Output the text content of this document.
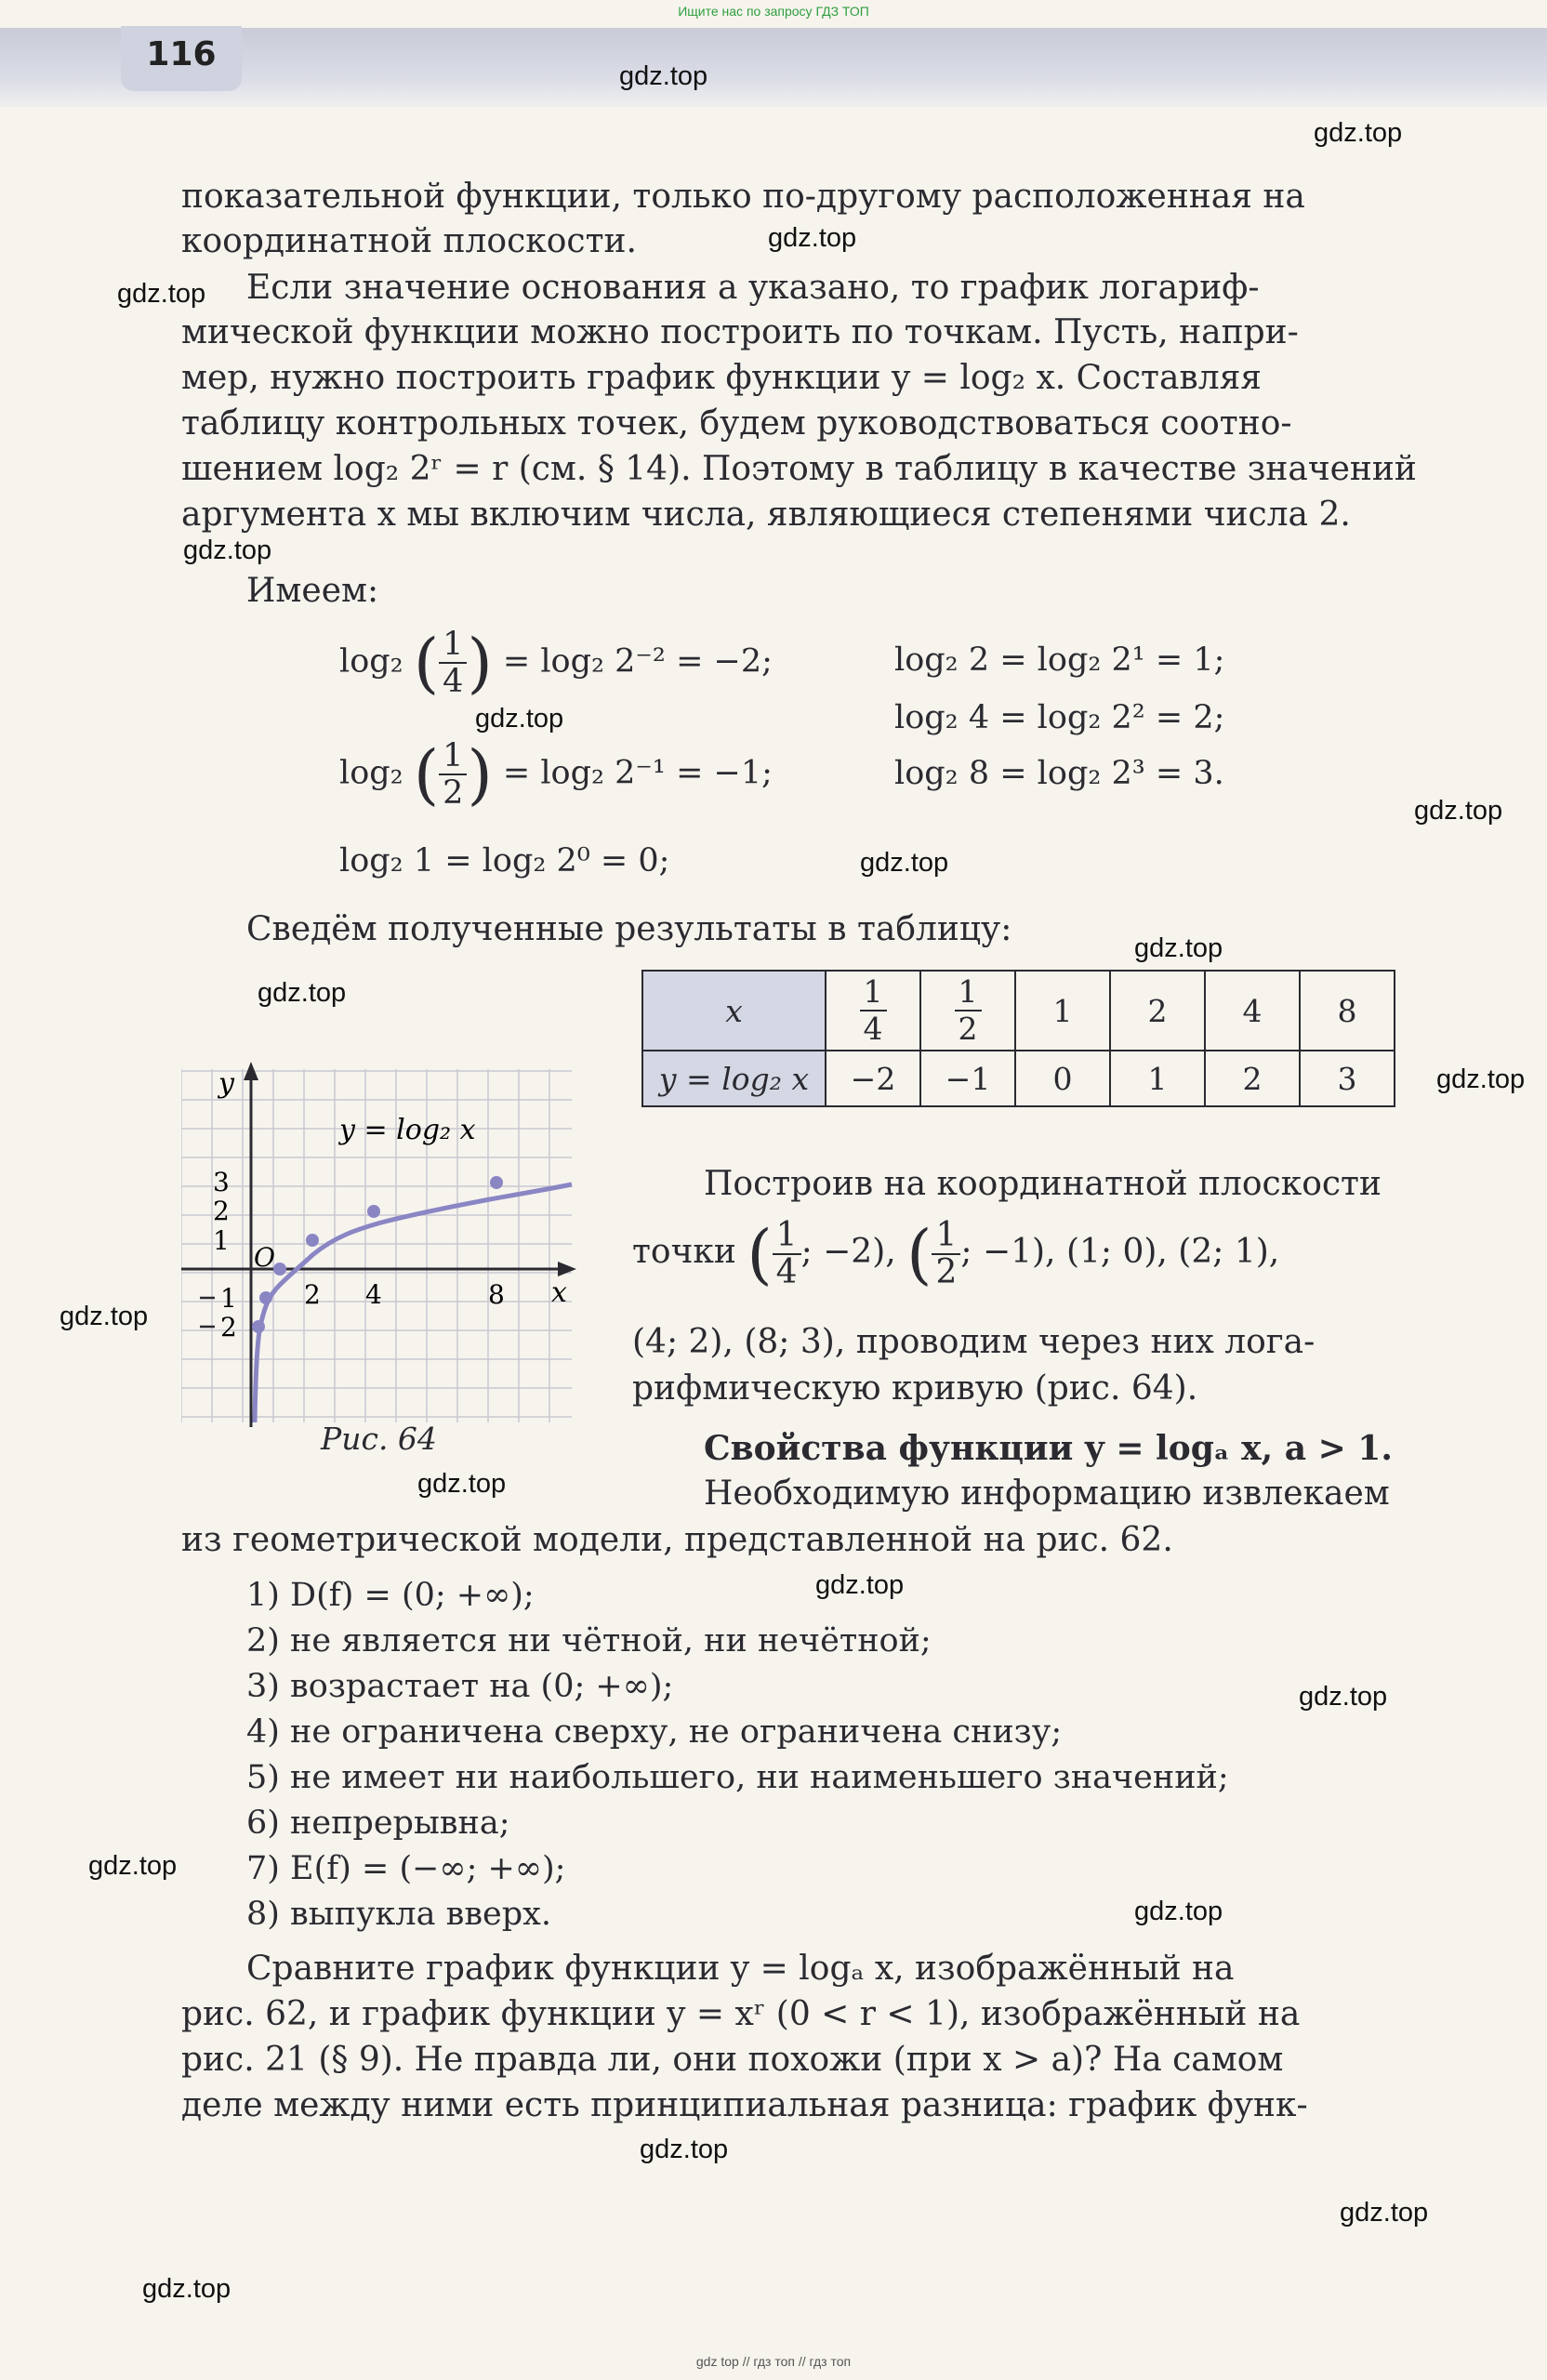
Ищите нас по запросу ГДЗ ТОП
116
gdz.top
gdz.top
gdz.top
gdz.top
gdz.top
gdz.top
gdz.top
gdz.top
gdz.top
gdz.top
gdz.top
gdz.top
gdz.top
gdz.top
gdz.top
gdz.top
gdz.top
gdz.top
gdz.top
gdz.top
показательной функции, только по-другому расположенная на
координатной плоскости.
Если значение основания a указано, то график логариф-
мической функции можно построить по точкам. Пусть, напри-
мер, нужно построить график функции y = log₂ x. Составляя
таблицу контрольных точек, будем руководствоваться соотно-
шением log₂ 2ʳ = r (см. § 14). Поэтому в таблицу в качестве значений
аргумента x мы включим числа, являющиеся степенями числа 2.
Имеем:
log₂ ( $\frac{1}{4}$ ) = log₂ 2⁻² = −2;
log₂ ( $\frac{1}{2}$ ) = log₂ 2⁻¹ = −1;
log₂ 1 = log₂ 2⁰ = 0;
log₂ 2 = log₂ 2¹ = 1;
log₂ 4 = log₂ 2² = 2;
log₂ 8 = log₂ 2³ = 3.
Сведём полученные результаты в таблицу:
x	$\frac{1}{4}$	$\frac{1}{2}$	1	2	4	8
y = log₂ x	−2	−1	0	1	2	3
y
x
O
y = log₂ x
2 4	8
1
2
3
1
2
Рис. 64
Построив на координатной плоскости
точки ( $\frac{1}{4}$ ; −2), ( $\frac{1}{2}$ ; −1), (1; 0), (2; 1),
(4; 2), (8; 3), проводим через них лога-
рифмическую кривую (рис. 64).
Свойства функции y = logₐ x, a > 1.
Необходимую информацию извлекаем
из геометрической модели, представленной на рис. 62.
1) D(f) = (0; +∞);
2) не является ни чётной, ни нечётной;
3) возрастает на (0; +∞);
4) не ограничена сверху, не ограничена снизу;
5) не имеет ни наибольшего, ни наименьшего значений;
6) непрерывна;
7) E(f) = (−∞; +∞);
8) выпукла вверх.
Сравните график функции y = logₐ x, изображённый на
рис. 62, и график функции y = xʳ (0 < r < 1), изображённый на
рис. 21 (§ 9). Не правда ли, они похожи (при x > a)? На самом
деле между ними есть принципиальная разница: график функ-
gdz top // гдз топ // гдз топ
